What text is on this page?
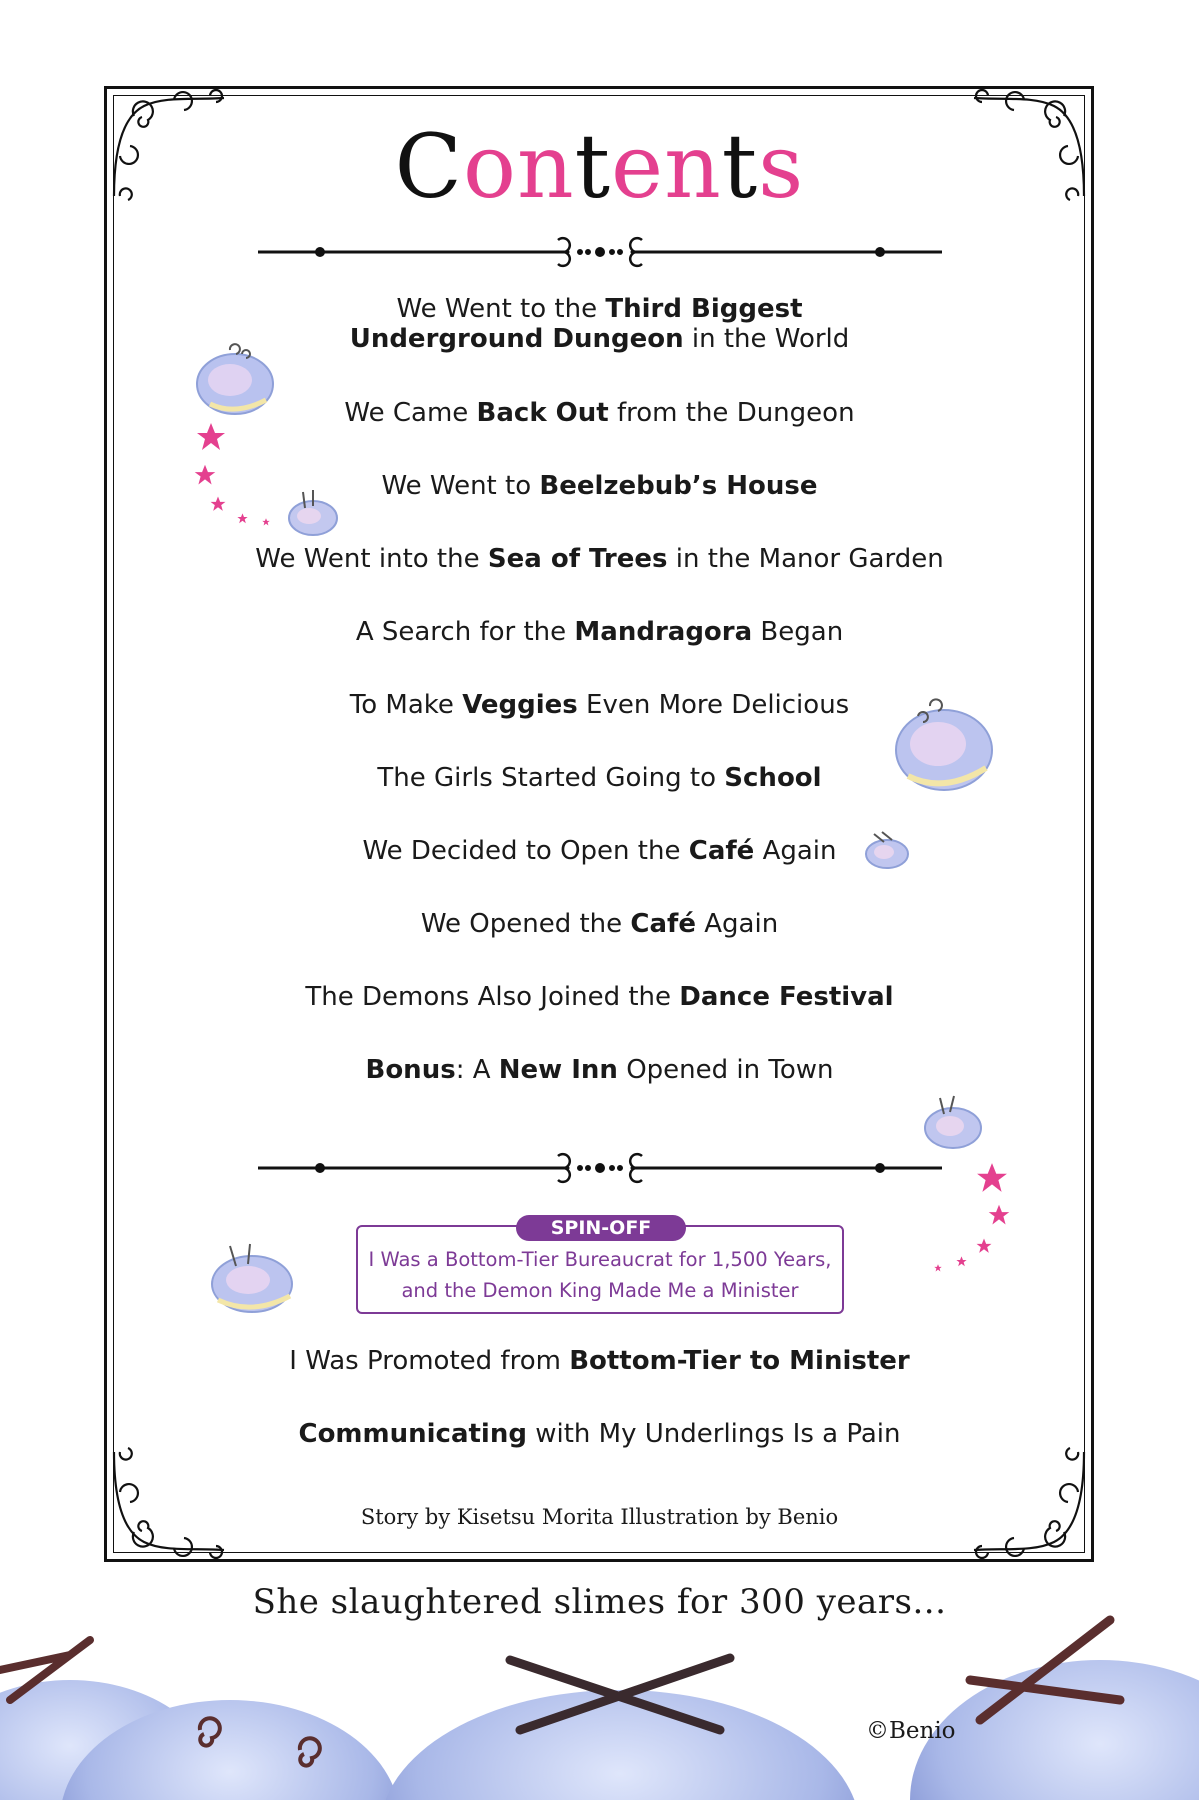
Contents
We Went to the Third Biggest
Underground Dungeon in the World
We Came Back Out from the Dungeon
We Went to Beelzebub’s House
We Went into the Sea of Trees in the Manor Garden
A Search for the Mandragora Began
To Make Veggies Even More Delicious
The Girls Started Going to School
We Decided to Open the Café Again
We Opened the Café Again
The Demons Also Joined the Dance Festival
Bonus: A New Inn Opened in Town
I Was Promoted from Bottom-Tier to Minister
Communicating with My Underlings Is a Pain
SPIN-OFF
I Was a Bottom-Tier Bureaucrat for 1,500 Years,
and the Demon King Made Me a Minister
Story by Kisetsu Morita Illustration by Benio
She slaughtered slimes for 300 years...
©Benio
